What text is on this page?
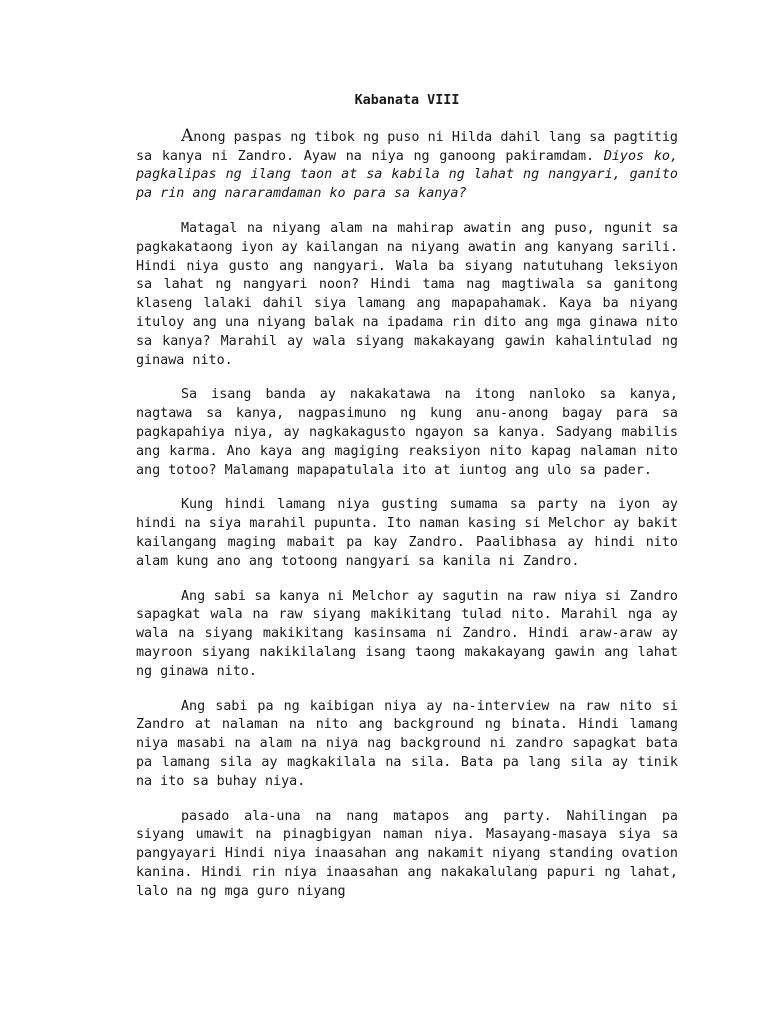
Kabanata VIII

Anong paspas ng tibok ng puso ni Hilda dahil lang sa pagtitig sa kanya ni Zandro. Ayaw na niya ng ganoong pakiramdam. Diyos ko, pagkalipas ng ilang taon at sa kabila ng lahat ng nangyari, ganito pa rin ang nararamdaman ko para sa kanya?

Matagal na niyang alam na mahirap awatin ang puso, ngunit sa pagkakataong iyon ay kailangan na niyang awatin ang kanyang sarili. Hindi niya gusto ang nangyari. Wala ba siyang natutuhang leksiyon sa lahat ng nangyari noon? Hindi tama nag magtiwala sa ganitong klaseng lalaki dahil siya lamang ang mapapahamak. Kaya ba niyang ituloy ang una niyang balak na ipadama rin dito ang mga ginawa nito sa kanya? Marahil ay wala siyang makakayang gawin kahalintulad ng ginawa nito.

Sa isang banda ay nakakatawa na itong nanloko sa kanya, nagtawa sa kanya, nagpasimuno ng kung anu-anong bagay para sa pagkapahiya niya, ay nagkakagusto ngayon sa kanya. Sadyang mabilis ang karma. Ano kaya ang magiging reaksiyon nito kapag nalaman nito ang totoo? Malamang mapapatulala ito at iuntog ang ulo sa pader.

Kung hindi lamang niya gusting sumama sa party na iyon ay hindi na siya marahil pupunta. Ito naman kasing si Melchor ay bakit kailangang maging mabait pa kay Zandro. Paalibhasa ay hindi nito alam kung ano ang totoong nangyari sa kanila ni Zandro.

Ang sabi sa kanya ni Melchor ay sagutin na raw niya si Zandro sapagkat wala na raw siyang makikitang tulad nito. Marahil nga ay wala na siyang makikitang kasinsama ni Zandro. Hindi araw-araw ay mayroon siyang nakikilalang isang taong makakayang gawin ang lahat ng ginawa nito.

Ang sabi pa ng kaibigan niya ay na-interview na raw nito si Zandro at nalaman na nito ang background ng binata. Hindi lamang niya masabi na alam na niya nag background ni zandro sapagkat bata pa lamang sila ay magkakilala na sila. Bata pa lang sila ay tinik na ito sa buhay niya.

pasado ala-una na nang matapos ang party. Nahilingan pa siyang umawit na pinagbigyan naman niya. Masayang-masaya siya sa pangyayari Hindi niya inaasahan ang nakamit niyang standing ovation kanina. Hindi rin niya inaasahan ang nakakalulang papuri ng lahat, lalo na ng mga guro niyang
